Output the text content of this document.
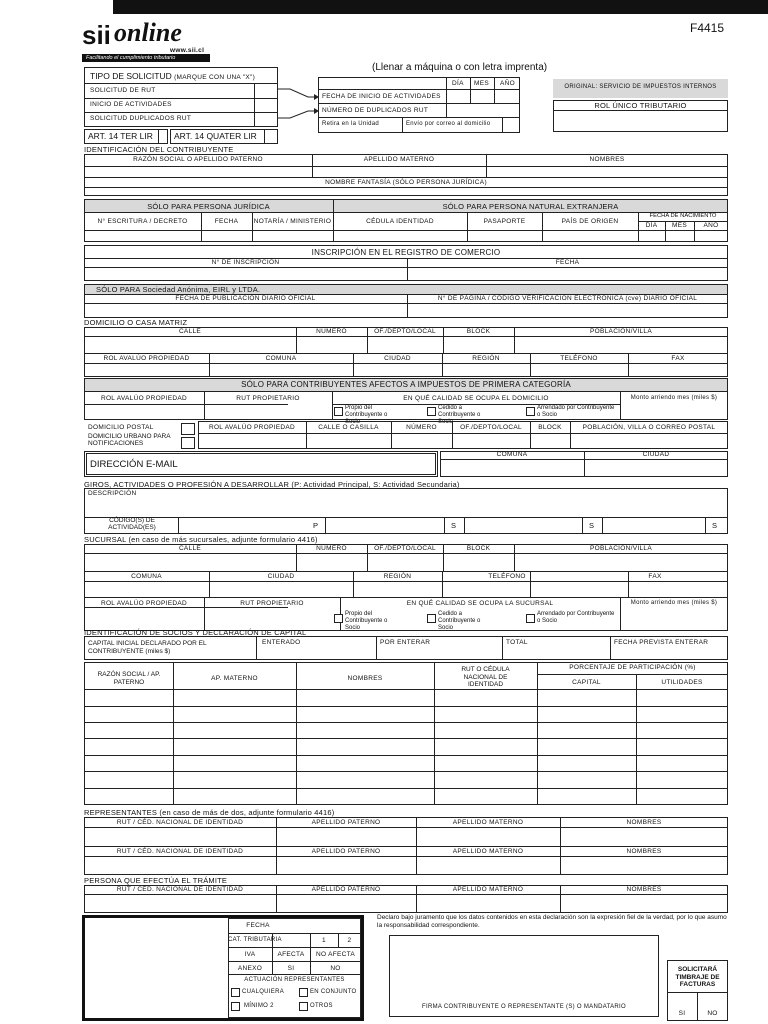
F4415
sii online
www.sii.cl
Facilitando el cumplimiento tributario
(Llenar a máquina o con letra imprenta)
TIPO DE SOLICITUD (MARQUE CON UNA "X")
SOLICITUD DE RUT
INICIO DE ACTIVIDADES
SOLICITUD DUPLICADOS RUT
ART. 14 TER LIR ART. 14 QUATER LIR
DÍA MES AÑO
FECHA DE INICIO DE ACTIVIDADES
NÚMERO DE DUPLICADOS RUT
Retira en la Unidad	Envío por correo al domicilio
ORIGINAL: SERVICIO DE IMPUESTOS INTERNOS
ROL ÚNICO TRIBUTARIO
IDENTIFICACIÓN DEL CONTRIBUYENTE
RAZÓN SOCIAL O APELLIDO PATERNO	APELLIDO MATERNO	NOMBRES
NOMBRE FANTASÍA (SÓLO PERSONA JURÍDICA)
SÓLO PARA PERSONA JURÍDICA	SÓLO PARA PERSONA NATURAL EXTRANJERA
N° ESCRITURA / DECRETO	FECHA	NOTARÍA / MINISTERIO	CÉDULA IDENTIDAD	PASAPORTE	PAÍS DE ORIGEN
FECHA DE NACIMIENTO
DÍA	MES	AÑO
INSCRIPCIÓN EN EL REGISTRO DE COMERCIO
N° DE INSCRIPCIÓN	FECHA
SÓLO PARA Sociedad Anónima, EIRL y LTDA.
FECHA DE PUBLICACIÓN DIARIO OFICIAL	N° DE PÁGINA / CÓDIGO VERIFICACIÓN ELECTRÓNICA (cve) DIARIO OFICIAL
DOMICILIO O CASA MATRIZ
CALLE	NÚMERO	OF./DEPTO/LOCAL	BLOCK	POBLACIÓN/VILLA
ROL AVALÚO PROPIEDAD	COMUNA	CIUDAD	REGIÓN	TELÉFONO	FAX
SÓLO PARA CONTRIBUYENTES AFECTOS A IMPUESTOS DE PRIMERA CATEGORÍA
ROL AVALÚO PROPIEDAD	RUT PROPIETARIO	EN QUÉ CALIDAD SE OCUPA EL DOMICILIO	Monto arriendo mes (miles $)
Propio del Contribuyente o Socio
Cedido a Contribuyente o Socio
Arrendado por Contribuyente o Socio
DOMICILIO POSTAL
DOMICILIO URBANO PARA NOTIFICACIONES
ROL AVALÚO PROPIEDAD	CALLE O CASILLA	NÚMERO	OF./DEPTO/LOCAL	BLOCK	POBLACIÓN, VILLA O CORREO POSTAL
DIRECCIÓN E-MAIL
COMUNA	CIUDAD
GIROS, ACTIVIDADES O PROFESIÓN A DESARROLLAR (P: Actividad Principal, S: Actividad Secundaria)
DESCRIPCIÓN
CÓDIGO(S) DE ACTIVIDAD(ES)	P	S	S	S
SUCURSAL (en caso de más sucursales, adjunte formulario 4416)
CALLE	NÚMERO	OF./DEPTO/LOCAL	BLOCK	POBLACIÓN/VILLA
COMUNA	CIUDAD	REGIÓN	TELÉFONO	FAX
ROL AVALÚO PROPIEDAD	RUT PROPIETARIO	EN QUÉ CALIDAD SE OCUPA LA SUCURSAL	Monto arriendo mes (miles $)
Propio del Contribuyente o Socio
Cedido a Contribuyente o Socio
Arrendado por Contribuyente o Socio
IDENTIFICACIÓN DE SOCIOS Y DECLARACIÓN DE CAPITAL
CAPITAL INICIAL DECLARADO POR EL CONTRIBUYENTE (miles $)
ENTERADO	POR ENTERAR	TOTAL	FECHA PREVISTA ENTERAR
RAZÓN SOCIAL / AP. PATERNO	AP. MATERNO	NOMBRES
RUT O CÉDULA NACIONAL DE IDENTIDAD
PORCENTAJE DE PARTICIPACIÓN (%)
CAPITAL	UTILIDADES
REPRESENTANTES (en caso de más de dos, adjunte formulario 4416)
RUT / CÉD. NACIONAL DE IDENTIDAD	APELLIDO PATERNO	APELLIDO MATERNO	NOMBRES
RUT / CÉD. NACIONAL DE IDENTIDAD	APELLIDO PATERNO	APELLIDO MATERNO	NOMBRES
PERSONA QUE EFECTÚA EL TRÁMITE
RUT / CÉD. NACIONAL DE IDENTIDAD	APELLIDO PATERNO	APELLIDO MATERNO	NOMBRES
FECHA
CAT. TRIBUTARIA	1	2
IVA	AFECTA	NO AFECTA
ANEXO	SI	NO
ACTUACIÓN REPRESENTANTES
CUALQUIERA	EN CONJUNTO
MÍNIMO 2	OTROS
Declaro bajo juramento que los datos contenidos en esta declaración son la expresión fiel de la verdad, por lo que asumo la responsabilidad correspondiente.
FIRMA CONTRIBUYENTE O REPRESENTANTE (S) O MANDATARIO
SOLICITARÁ TIMBRAJE DE FACTURAS
SI	NO
